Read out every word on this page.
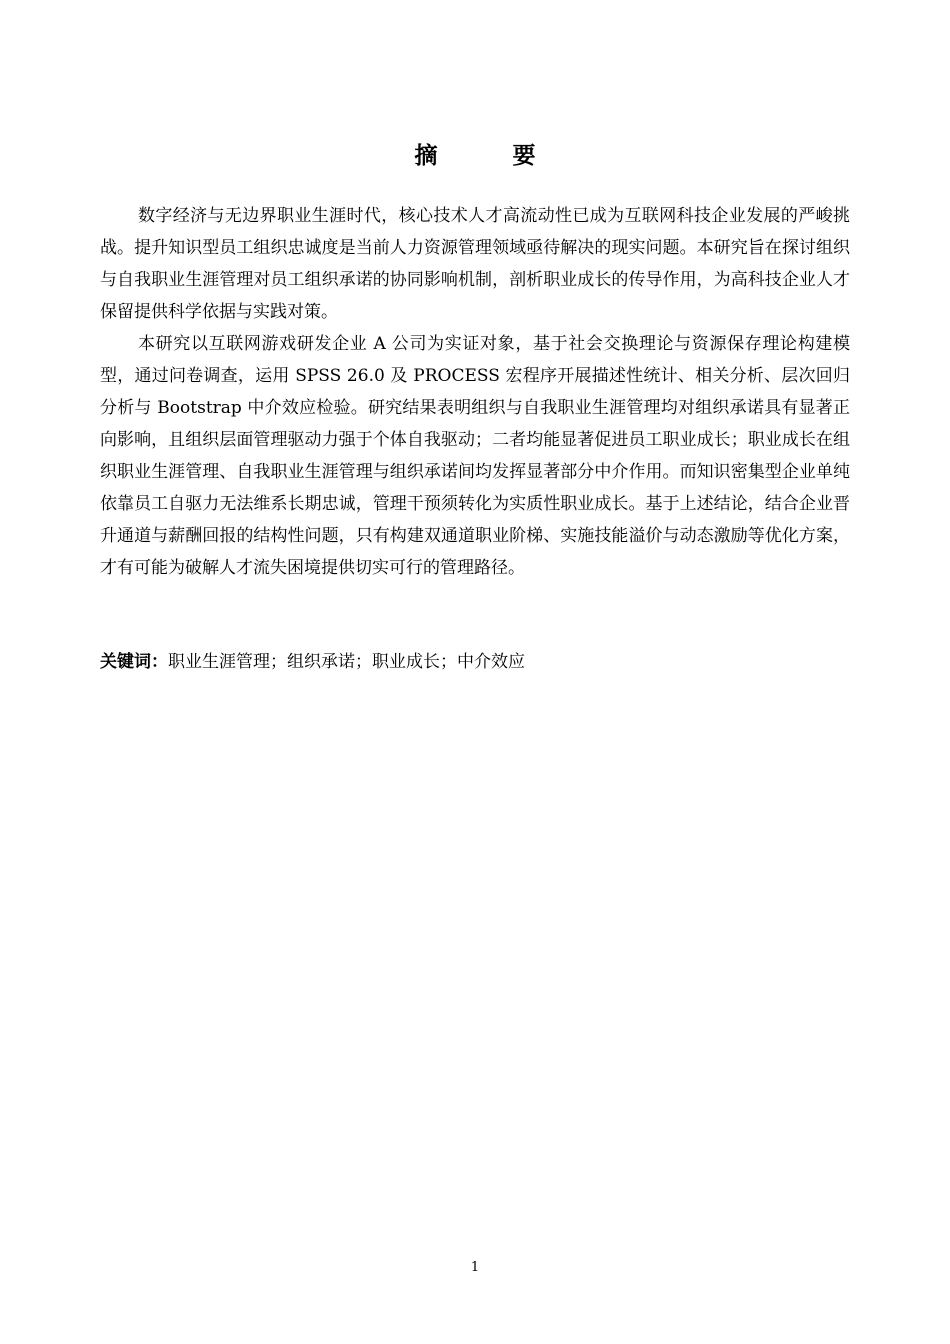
摘　要

数字经济与无边界职业生涯时代，核心技术人才高流动性已成为互联网科技企业发展的严峻挑战。提升知识型员工组织忠诚度是当前人力资源管理领域亟待解决的现实问题。本研究旨在探讨组织与自我职业生涯管理对员工组织承诺的协同影响机制，剖析职业成长的传导作用，为高科技企业人才保留提供科学依据与实践对策。

本研究以互联网游戏研发企业 A 公司为实证对象，基于社会交换理论与资源保存理论构建模型，通过问卷调查，运用 SPSS 26.0 及 PROCESS 宏程序开展描述性统计、相关分析、层次回归分析与 Bootstrap 中介效应检验。研究结果表明组织与自我职业生涯管理均对组织承诺具有显著正向影响，且组织层面管理驱动力强于个体自我驱动；二者均能显著促进员工职业成长；职业成长在组织职业生涯管理、自我职业生涯管理与组织承诺间均发挥显著部分中介作用。而知识密集型企业单纯依靠员工自驱力无法维系长期忠诚，管理干预须转化为实质性职业成长。基于上述结论，结合企业晋升通道与薪酬回报的结构性问题，只有构建双通道职业阶梯、实施技能溢价与动态激励等优化方案，才有可能为破解人才流失困境提供切实可行的管理路径。

关键词：职业生涯管理；组织承诺；职业成长；中介效应
1
